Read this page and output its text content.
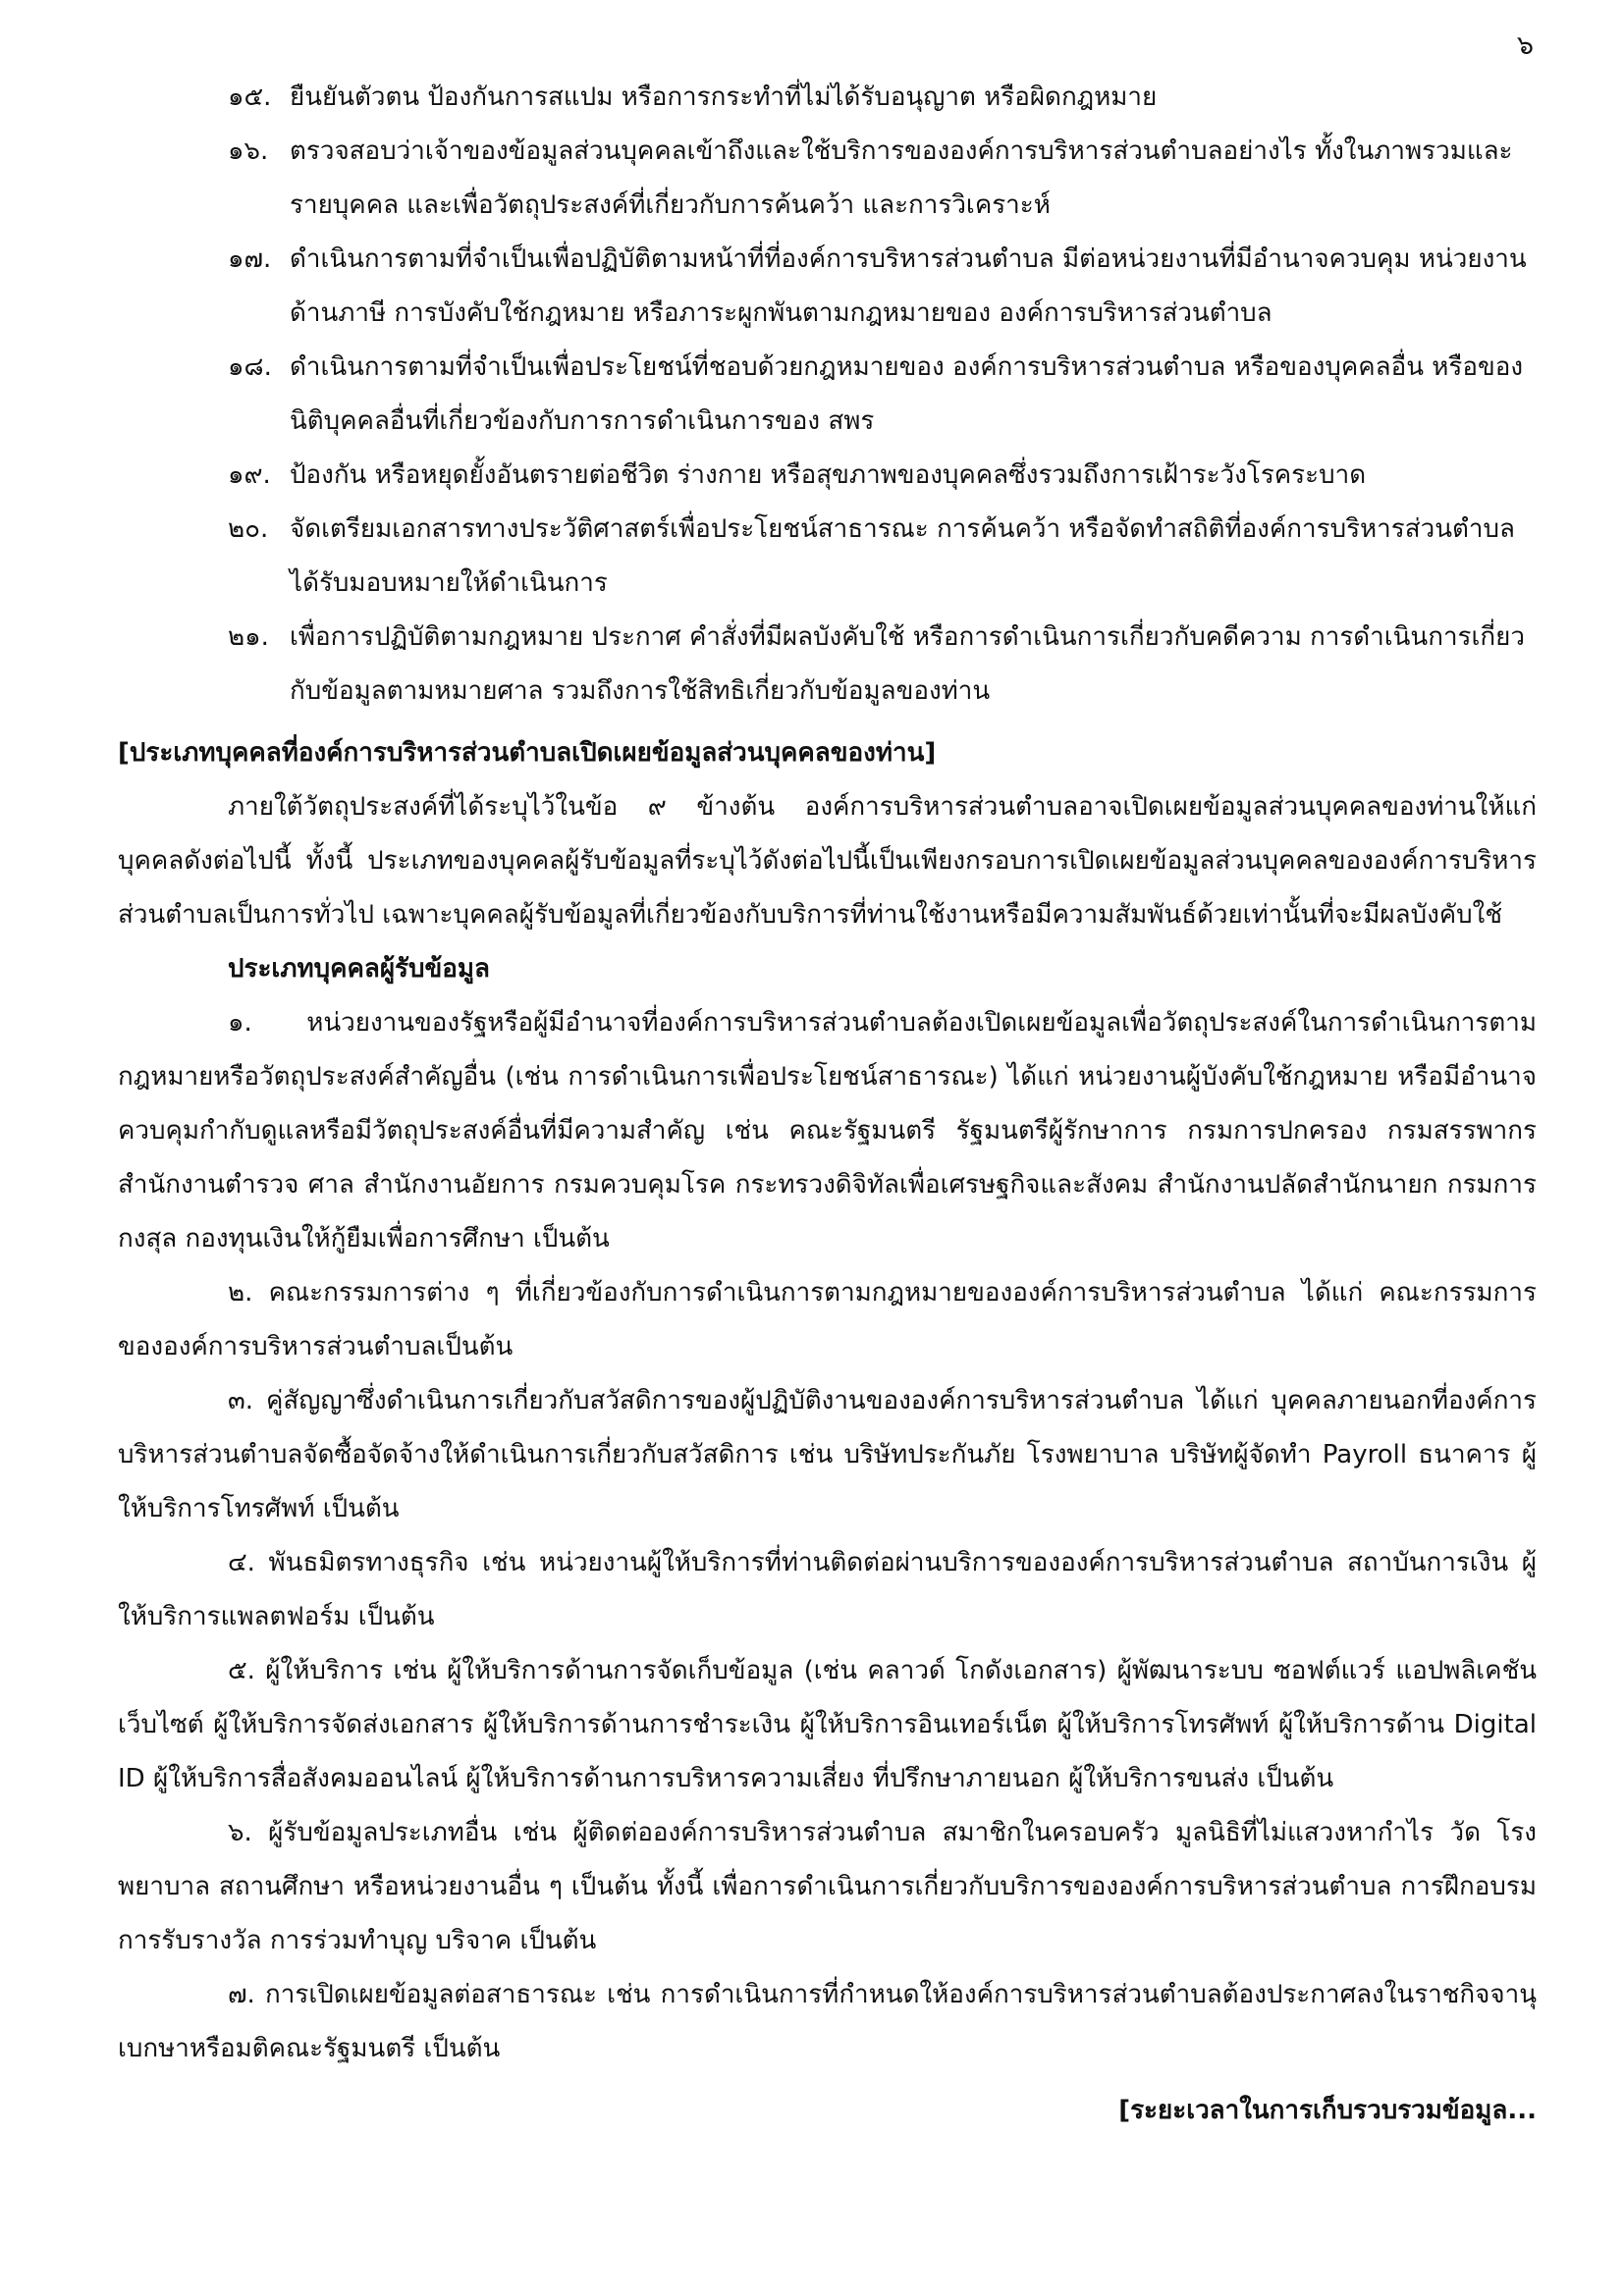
๖
๑๕. ยืนยันตัวตน ป้องกันการสแปม หรือการกระทำที่ไม่ได้รับอนุญาต หรือผิดกฎหมาย
๑๖. ตรวจสอบว่าเจ้าของข้อมูลส่วนบุคคลเข้าถึงและใช้บริการขององค์การบริหารส่วนตำบลอย่างไร ทั้งในภาพรวมและรายบุคคล และเพื่อวัตถุประสงค์ที่เกี่ยวกับการค้นคว้า และการวิเคราะห์
๑๗. ดำเนินการตามที่จำเป็นเพื่อปฏิบัติตามหน้าที่ที่องค์การบริหารส่วนตำบล มีต่อหน่วยงานที่มีอำนาจควบคุม หน่วยงานด้านภาษี การบังคับใช้กฎหมาย หรือภาระผูกพันตามกฎหมายของ องค์การบริหารส่วนตำบล
๑๘. ดำเนินการตามที่จำเป็นเพื่อประโยชน์ที่ชอบด้วยกฎหมายของ องค์การบริหารส่วนตำบล หรือของบุคคลอื่น หรือของนิติบุคคลอื่นที่เกี่ยวข้องกับการการดำเนินการของ สพร
๑๙. ป้องกัน หรือหยุดยั้งอันตรายต่อชีวิต ร่างกาย หรือสุขภาพของบุคคลซึ่งรวมถึงการเฝ้าระวังโรคระบาด
๒๐. จัดเตรียมเอกสารทางประวัติศาสตร์เพื่อประโยชน์สาธารณะ การค้นคว้า หรือจัดทำสถิติที่องค์การบริหารส่วนตำบล ได้รับมอบหมายให้ดำเนินการ
๒๑. เพื่อการปฏิบัติตามกฎหมาย ประกาศ คำสั่งที่มีผลบังคับใช้ หรือการดำเนินการเกี่ยวกับคดีความ การดำเนินการเกี่ยวกับข้อมูลตามหมายศาล รวมถึงการใช้สิทธิเกี่ยวกับข้อมูลของท่าน
[ประเภทบุคคลที่องค์การบริหารส่วนตำบลเปิดเผยข้อมูลส่วนบุคคลของท่าน]
ภายใต้วัตถุประสงค์ที่ได้ระบุไว้ในข้อ ๙ ข้างต้น องค์การบริหารส่วนตำบลอาจเปิดเผยข้อมูลส่วนบุคคลของท่านให้แก่บุคคลดังต่อไปนี้ ทั้งนี้ ประเภทของบุคคลผู้รับข้อมูลที่ระบุไว้ดังต่อไปนี้เป็นเพียงกรอบการเปิดเผยข้อมูลส่วนบุคคลขององค์การบริหารส่วนตำบลเป็นการทั่วไป เฉพาะบุคคลผู้รับข้อมูลที่เกี่ยวข้องกับบริการที่ท่านใช้งานหรือมีความสัมพันธ์ด้วยเท่านั้นที่จะมีผลบังคับใช้
ประเภทบุคคลผู้รับข้อมูล
๑. หน่วยงานของรัฐหรือผู้มีอำนาจที่องค์การบริหารส่วนตำบลต้องเปิดเผยข้อมูลเพื่อวัตถุประสงค์ในการดำเนินการตามกฎหมายหรือวัตถุประสงค์สำคัญอื่น (เช่น การดำเนินการเพื่อประโยชน์สาธารณะ) ได้แก่ หน่วยงานผู้บังคับใช้กฎหมาย หรือมีอำนาจควบคุมกำกับดูแลหรือมีวัตถุประสงค์อื่นที่มีความสำคัญ เช่น คณะรัฐมนตรี รัฐมนตรีผู้รักษาการ กรมการปกครอง กรมสรรพากร สำนักงานตำรวจ ศาล สำนักงานอัยการ กรมควบคุมโรค กระทรวงดิจิทัลเพื่อเศรษฐกิจและสังคม สำนักงานปลัดสำนักนายก กรมการกงสุล กองทุนเงินให้กู้ยืมเพื่อการศึกษา เป็นต้น
๒. คณะกรรมการต่าง ๆ ที่เกี่ยวข้องกับการดำเนินการตามกฎหมายขององค์การบริหารส่วนตำบล ได้แก่ คณะกรรมการขององค์การบริหารส่วนตำบลเป็นต้น
๓. คู่สัญญาซึ่งดำเนินการเกี่ยวกับสวัสดิการของผู้ปฏิบัติงานขององค์การบริหารส่วนตำบล ได้แก่ บุคคลภายนอกที่องค์การบริหารส่วนตำบลจัดซื้อจัดจ้างให้ดำเนินการเกี่ยวกับสวัสดิการ เช่น บริษัทประกันภัย โรงพยาบาล บริษัทผู้จัดทำ Payroll ธนาคาร ผู้ให้บริการโทรศัพท์ เป็นต้น
๔. พันธมิตรทางธุรกิจ เช่น หน่วยงานผู้ให้บริการที่ท่านติดต่อผ่านบริการขององค์การบริหารส่วนตำบล สถาบันการเงิน ผู้ให้บริการแพลตฟอร์ม เป็นต้น
๕. ผู้ให้บริการ เช่น ผู้ให้บริการด้านการจัดเก็บข้อมูล (เช่น คลาวด์ โกดังเอกสาร) ผู้พัฒนาระบบ ซอฟต์แวร์ แอปพลิเคชัน เว็บไซต์ ผู้ให้บริการจัดส่งเอกสาร ผู้ให้บริการด้านการชำระเงิน ผู้ให้บริการอินเทอร์เน็ต ผู้ให้บริการโทรศัพท์ ผู้ให้บริการด้าน Digital ID ผู้ให้บริการสื่อสังคมออนไลน์ ผู้ให้บริการด้านการบริหารความเสี่ยง ที่ปรึกษาภายนอก ผู้ให้บริการขนส่ง เป็นต้น
๖. ผู้รับข้อมูลประเภทอื่น เช่น ผู้ติดต่อองค์การบริหารส่วนตำบล สมาชิกในครอบครัว มูลนิธิที่ไม่แสวงหากำไร วัด โรงพยาบาล สถานศึกษา หรือหน่วยงานอื่น ๆ เป็นต้น ทั้งนี้ เพื่อการดำเนินการเกี่ยวกับบริการขององค์การบริหารส่วนตำบล การฝึกอบรม การรับรางวัล การร่วมทำบุญ บริจาค เป็นต้น
๗. การเปิดเผยข้อมูลต่อสาธารณะ เช่น การดำเนินการที่กำหนดให้องค์การบริหารส่วนตำบลต้องประกาศลงในราชกิจจานุเบกษาหรือมติคณะรัฐมนตรี เป็นต้น
[ระยะเวลาในการเก็บรวบรวมข้อมูล...
